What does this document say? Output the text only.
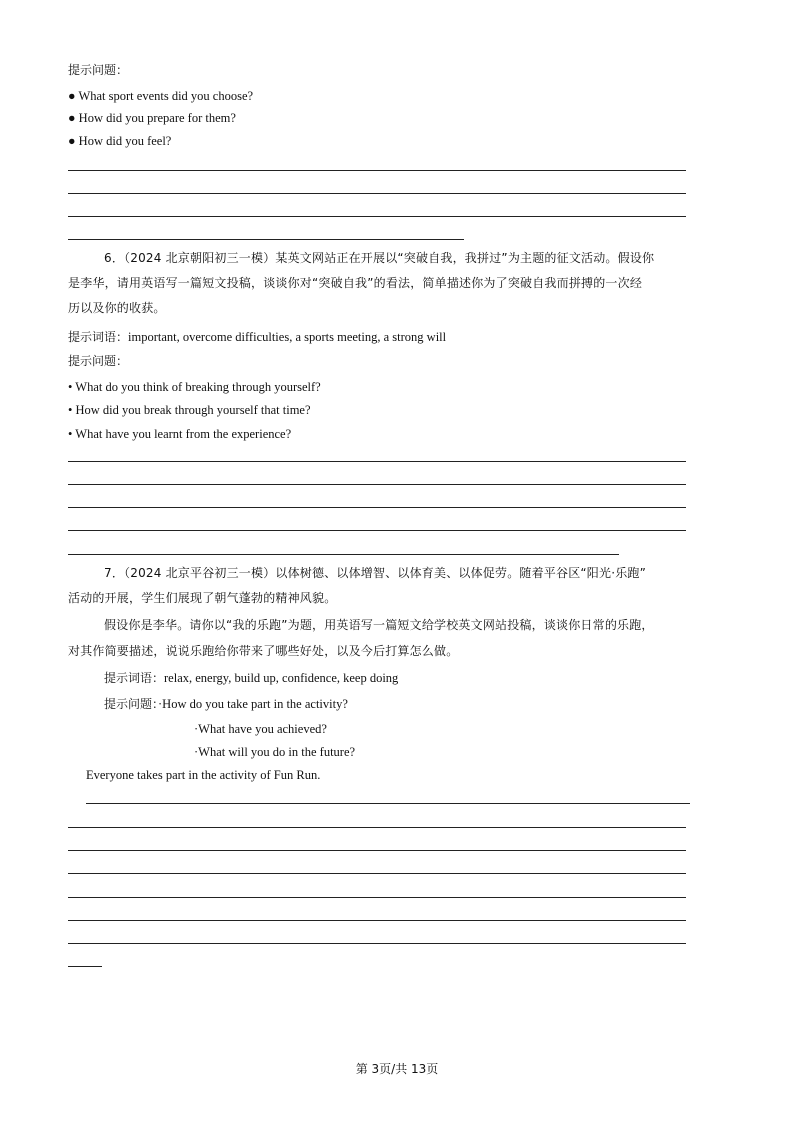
提示问题：
● What sport events did you choose?
● How did you prepare for them?
● How did you feel?
6．（2024 北京朝阳初三一模）某英文网站正在开展以“突破自我，我拼过”为主题的征文活动。假设你
是李华，请用英语写一篇短文投稿，谈谈你对“突破自我”的看法，简单描述你为了突破自我而拼搏的一次经
历以及你的收获。
提示词语：important, overcome difficulties, a sports meeting, a strong will
提示问题：
• What do you think of breaking through yourself?
• How did you break through yourself that time?
• What have you learnt from the experience?
7．（2024 北京平谷初三一模）以体树德、以体增智、以体育美、以体促劳。随着平谷区“阳光·乐跑”
活动的开展，学生们展现了朝气蓬勃的精神风貌。
假设你是李华。请你以“我的乐跑”为题，用英语写一篇短文给学校英文网站投稿，谈谈你日常的乐跑，
对其作简要描述，说说乐跑给你带来了哪些好处，以及今后打算怎么做。
提示词语：relax, energy, build up, confidence, keep doing
提示问题：·How do you take part in the activity?
·What have you achieved?
·What will you do in the future?
Everyone takes part in the activity of Fun Run.
第 3页/共 13页
